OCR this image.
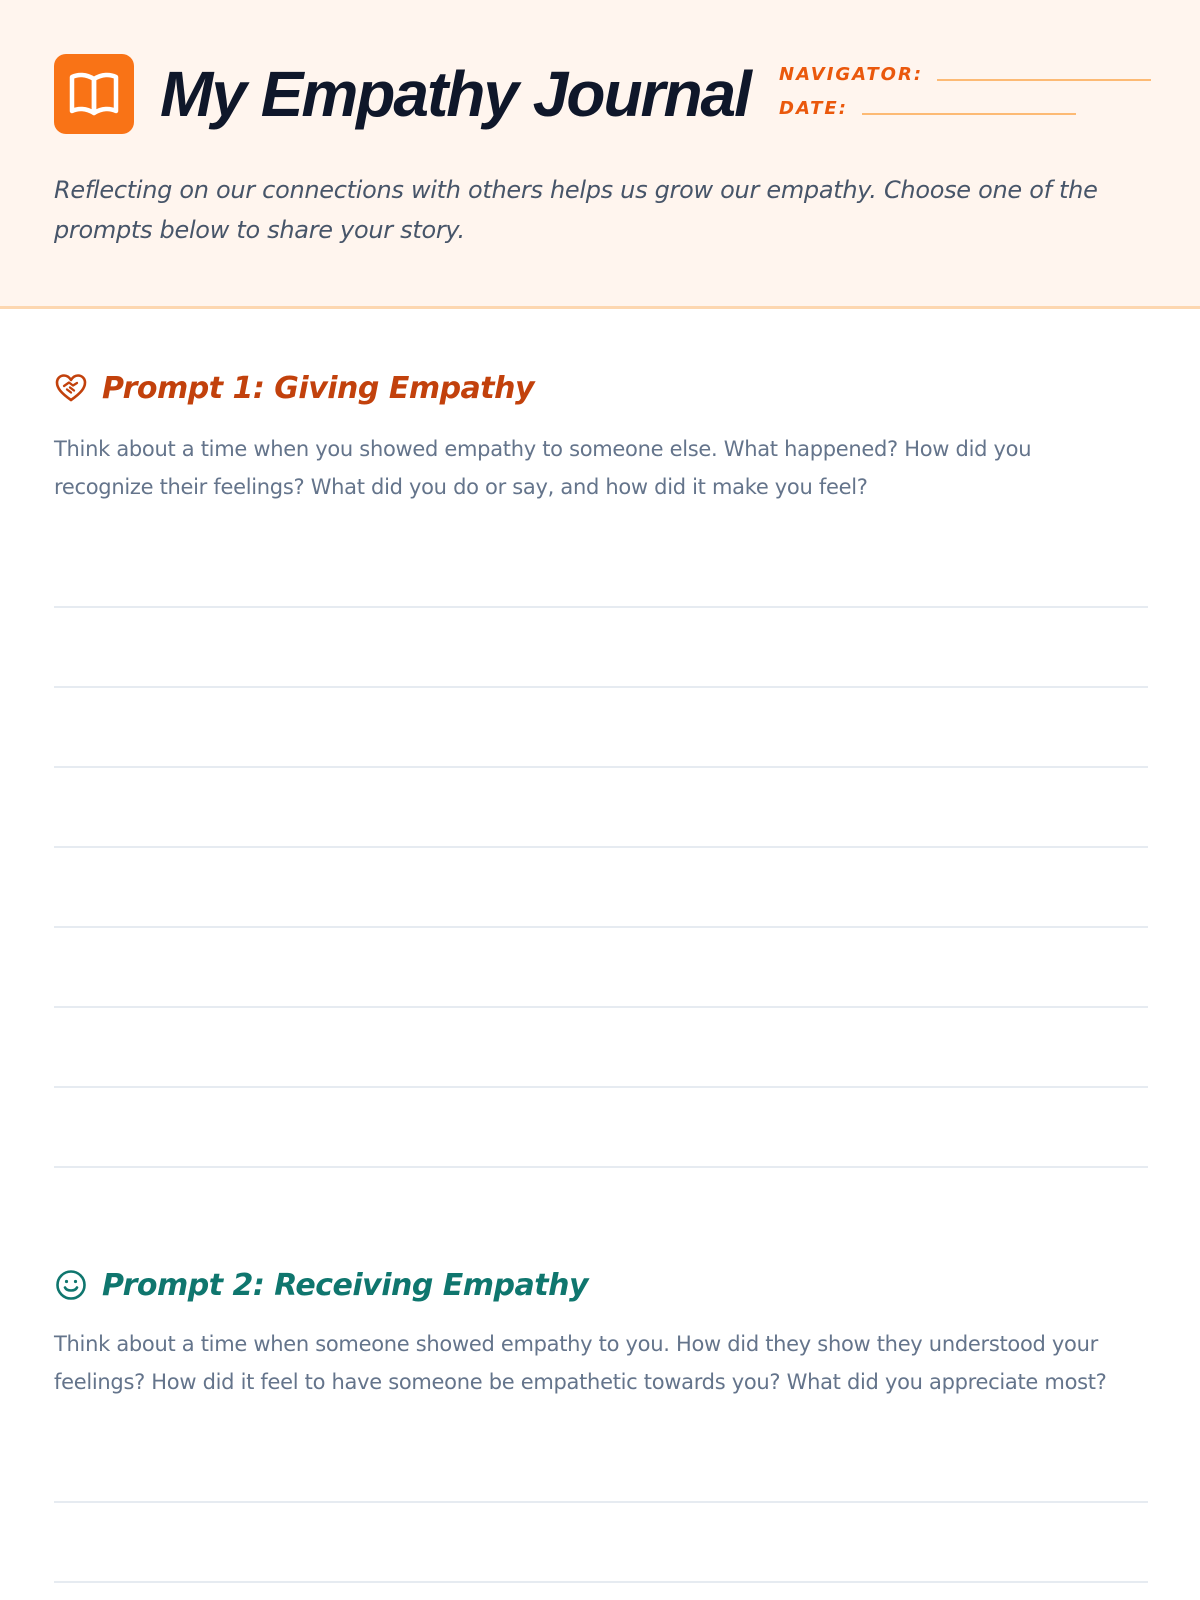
My Empathy Journal NAVIGATOR:
DATE:
Reflecting on our connections with others helps us grow our empathy. Choose one of the prompts below to share your story.
Prompt 1: Giving Empathy
Think about a time when you showed empathy to someone else. What happened? How did you recognize their feelings? What did you do or say, and how did it make you feel?
Prompt 2: Receiving Empathy
Think about a time when someone showed empathy to you. How did they show they understood your feelings? How did it feel to have someone be empathetic towards you? What did you appreciate most?
